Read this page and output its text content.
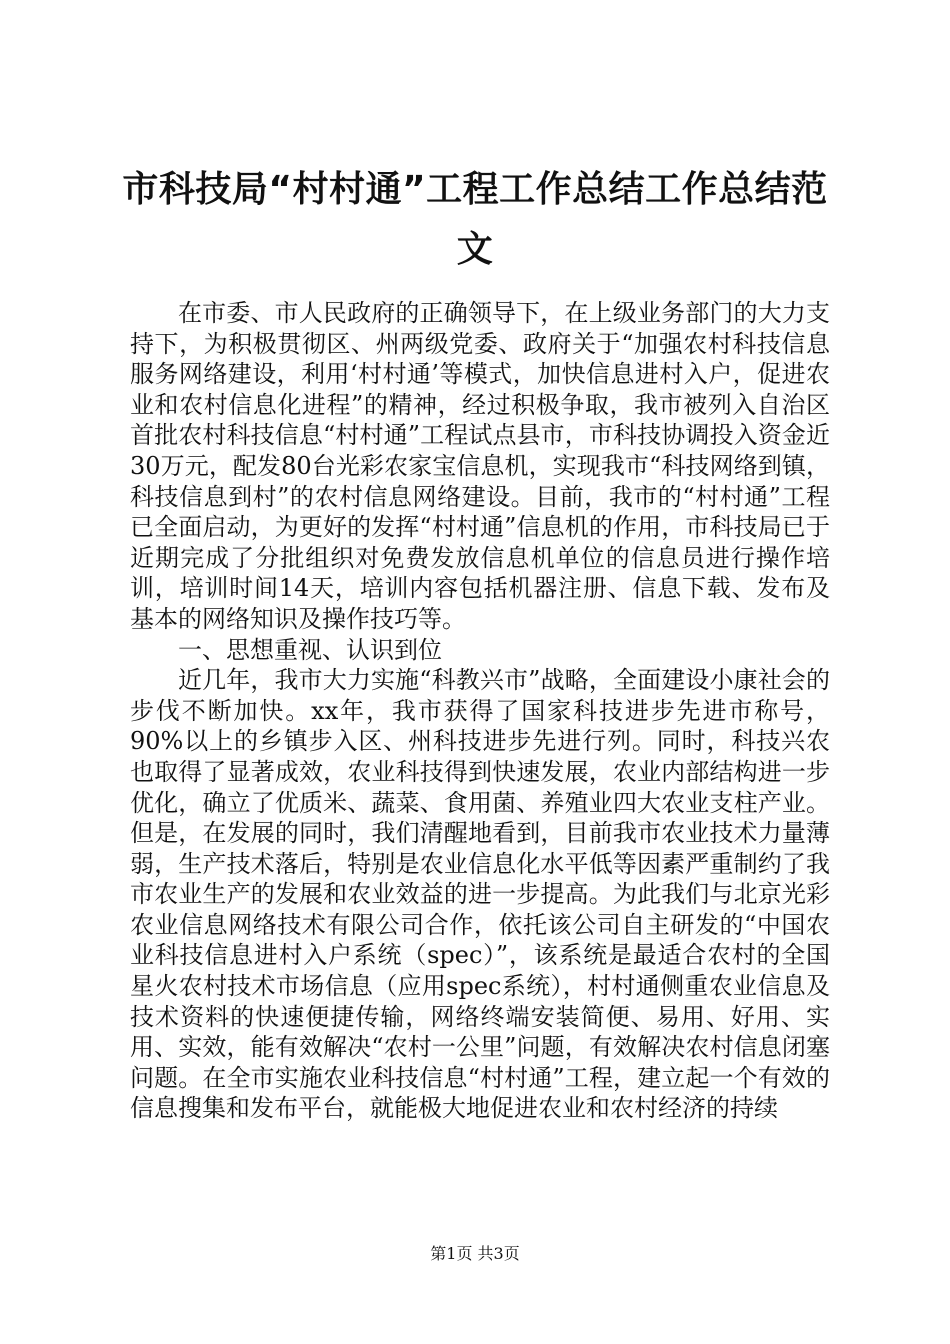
市科技局“村村通”工程工作总结工作总结范文

在市委、市人民政府的正确领导下，在上级业务部门的大力支持下，为积极贯彻区、州两级党委、政府关于“加强农村科技信息服务网络建设，利用‘村村通’等模式，加快信息进村入户，促进农业和农村信息化进程”的精神，经过积极争取，我市被列入自治区首批农村科技信息“村村通”工程试点县市，市科技协调投入资金近30万元，配发80台光彩农家宝信息机，实现我市“科技网络到镇，科技信息到村”的农村信息网络建设。目前，我市的“村村通”工程已全面启动，为更好的发挥“村村通”信息机的作用，市科技局已于近期完成了分批组织对免费发放信息机单位的信息员进行操作培训，培训时间14天，培训内容包括机器注册、信息下载、发布及基本的网络知识及操作技巧等。

一、思想重视、认识到位

近几年，我市大力实施“科教兴市”战略，全面建设小康社会的步伐不断加快。xx年，我市获得了国家科技进步先进市称号，90%以上的乡镇步入区、州科技进步先进行列。同时，科技兴农也取得了显著成效，农业科技得到快速发展，农业内部结构进一步优化，确立了优质米、蔬菜、食用菌、养殖业四大农业支柱产业。但是，在发展的同时，我们清醒地看到，目前我市农业技术力量薄弱，生产技术落后，特别是农业信息化水平低等因素严重制约了我市农业生产的发展和农业效益的进一步提高。为此我们与北京光彩农业信息网络技术有限公司合作，依托该公司自主研发的“中国农业科技信息进村入户系统（spec）”，该系统是最适合农村的全国星火农村技术市场信息（应用spec系统），村村通侧重农业信息及技术资料的快速便捷传输，网络终端安装简便、易用、好用、实用、实效，能有效解决“农村一公里”问题，有效解决农村信息闭塞问题。在全市实施农业科技信息“村村通”工程，建立起一个有效的信息搜集和发布平台，就能极大地促进农业和农村经济的持续

第1页 共3页
